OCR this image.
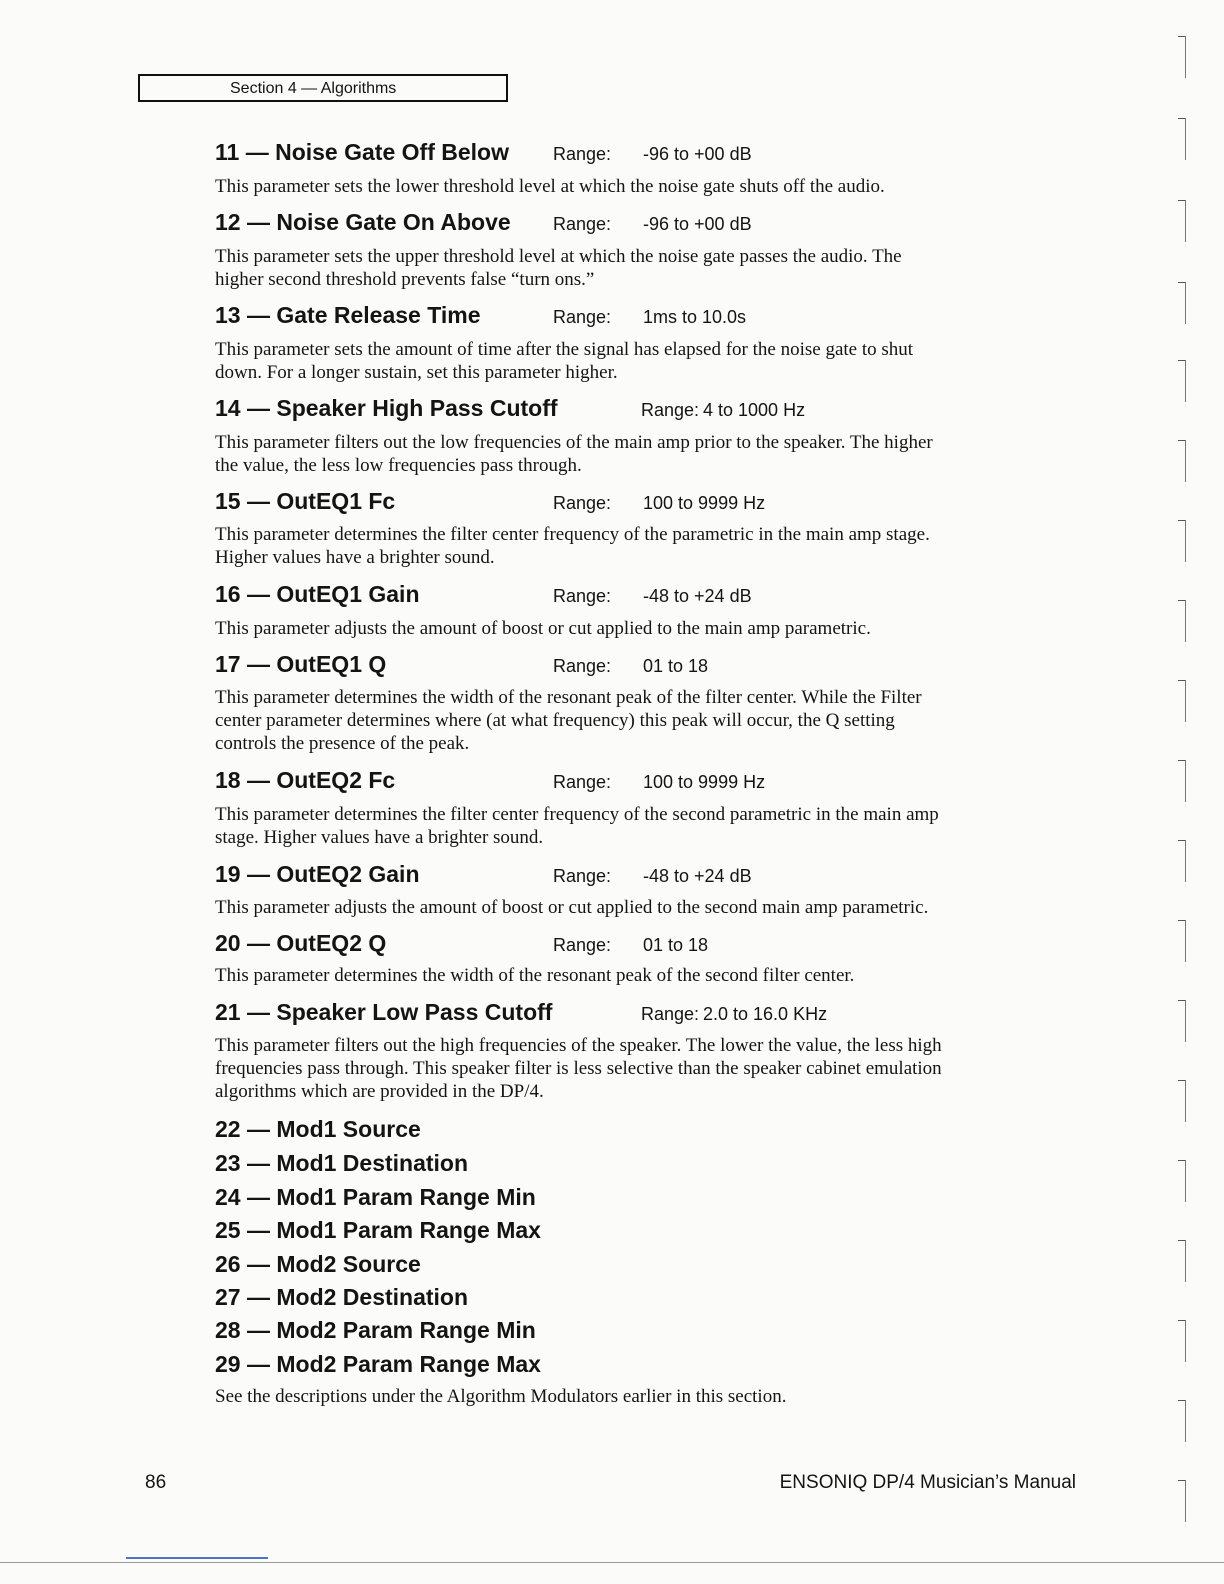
Section 4 — Algorithms
11 — Noise Gate Off Below Range: -96 to +00 dB
This parameter sets the lower threshold level at which the noise gate shuts off the audio.
12 — Noise Gate On Above Range: -96 to +00 dB
This parameter sets the upper threshold level at which the noise gate passes the audio. The
higher second threshold prevents false “turn ons.”
13 — Gate Release Time	Range: 1ms to 10.0s
This parameter sets the amount of time after the signal has elapsed for the noise gate to shut
down. For a longer sustain, set this parameter higher.
14 — Speaker High Pass Cutoff	Range: 4 to 1000 Hz
This parameter filters out the low frequencies of the main amp prior to the speaker. The higher
the value, the less low frequencies pass through.
15 — OutEQ1 Fc	Range: 100 to 9999 Hz
This parameter determines the filter center frequency of the parametric in the main amp stage.
Higher values have a brighter sound.
16 — OutEQ1 Gain	Range: -48 to +24 dB
This parameter adjusts the amount of boost or cut applied to the main amp parametric.
17 — OutEQ1 Q	Range: 01 to 18
This parameter determines the width of the resonant peak of the filter center. While the Filter
center parameter determines where (at what frequency) this peak will occur, the Q setting
controls the presence of the peak.
18 — OutEQ2 Fc	Range: 100 to 9999 Hz
This parameter determines the filter center frequency of the second parametric in the main amp
stage. Higher values have a brighter sound.
19 — OutEQ2 Gain	Range: -48 to +24 dB
This parameter adjusts the amount of boost or cut applied to the second main amp parametric.
20 — OutEQ2 Q	Range: 01 to 18
This parameter determines the width of the resonant peak of the second filter center.
21 — Speaker Low Pass Cutoff	Range: 2.0 to 16.0 KHz
This parameter filters out the high frequencies of the speaker. The lower the value, the less high
frequencies pass through. This speaker filter is less selective than the speaker cabinet emulation
algorithms which are provided in the DP/4.
22 — Mod1 Source
23 — Mod1 Destination
24 — Mod1 Param Range Min
25 — Mod1 Param Range Max
26 — Mod2 Source
27 — Mod2 Destination
28 — Mod2 Param Range Min
29 — Mod2 Param Range Max
See the descriptions under the Algorithm Modulators earlier in this section.
86	ENSONIQ DP/4 Musician’s Manual
